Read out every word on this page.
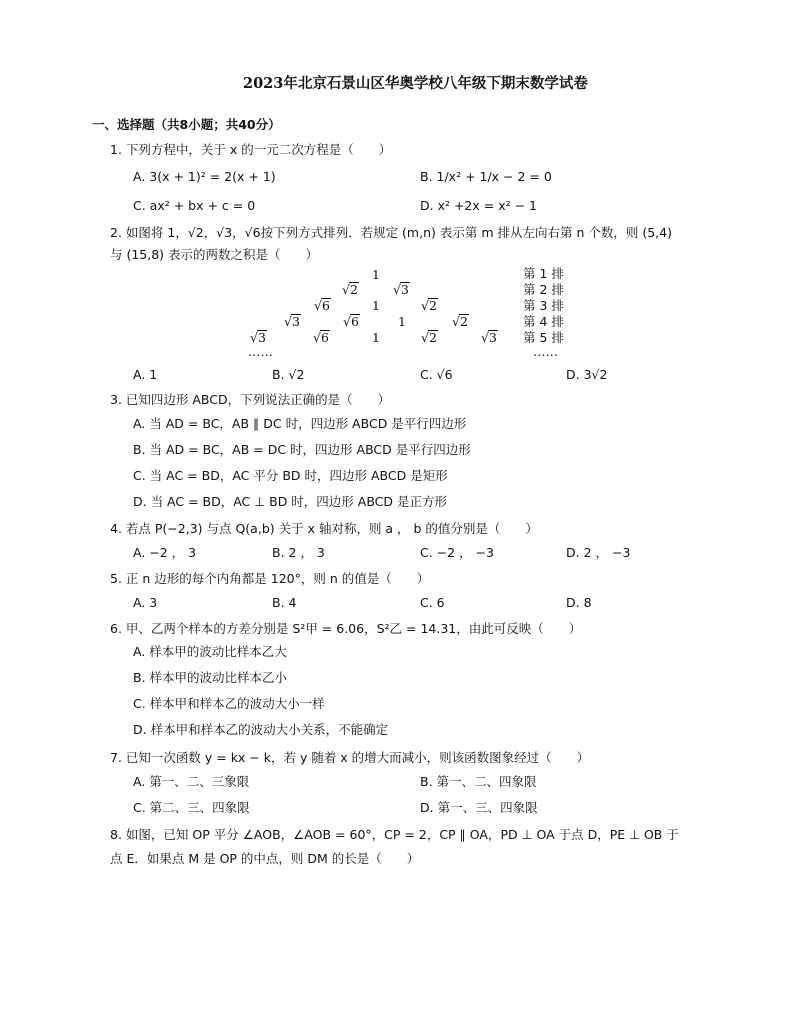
2023年北京石景山区华奥学校八年级下期末数学试卷
一、选择题（共8小题；共40分）
1. 下列方程中，关于 x 的一元二次方程是（　　）
A. 3(x + 1)² = 2(x + 1)	B. 1/x² + 1/x − 2 = 0
C. ax² + bx + c = 0	D. x² +2x = x² − 1
2. 如图将 1，√2，√3，√6按下列方式排列．若规定 (m,n) 表示第 m 排从左向右第 n 个数，则 (5,4)
与 (15,8) 表示的两数之积是（　　）
1
√2	√3
√6	1	√2
√3	√6	1	√2
√3	√6	1	√2	√3
……
第 1 排
第 2 排
第 3 排
第 4 排
第 5 排
……
A. 1	B. √2	C. √6	D. 3√2
3. 已知四边形 ABCD，下列说法正确的是（　　）
A. 当 AD = BC，AB ∥ DC 时，四边形 ABCD 是平行四边形
B. 当 AD = BC，AB = DC 时，四边形 ABCD 是平行四边形
C. 当 AC = BD，AC 平分 BD 时，四边形 ABCD 是矩形
D. 当 AC = BD，AC ⊥ BD 时，四边形 ABCD 是正方形
4. 若点 P(−2,3) 与点 Q(a,b) 关于 x 轴对称，则 a ， b 的值分别是（　　）
A. −2 ， 3	B. 2 ， 3	C. −2 ， −3	D. 2 ， −3
5. 正 n 边形的每个内角都是 120°，则 n 的值是（　　）
A. 3	B. 4	C. 6	D. 8
6. 甲、乙两个样本的方差分别是 S²甲 = 6.06，S²乙 = 14.31，由此可反映（　　）
A. 样本甲的波动比样本乙大
B. 样本甲的波动比样本乙小
C. 样本甲和样本乙的波动大小一样
D. 样本甲和样本乙的波动大小关系，不能确定
7. 已知一次函数 y = kx − k，若 y 随着 x 的增大而减小，则该函数图象经过（　　）
A. 第一、二、三象限	B. 第一、二、四象限
C. 第二、三、四象限	D. 第一、三、四象限
8. 如图，已知 OP 平分 ∠AOB，∠AOB = 60°，CP = 2，CP ∥ OA，PD ⊥ OA 于点 D，PE ⊥ OB 于
点 E．如果点 M 是 OP 的中点，则 DM 的长是（　　）
